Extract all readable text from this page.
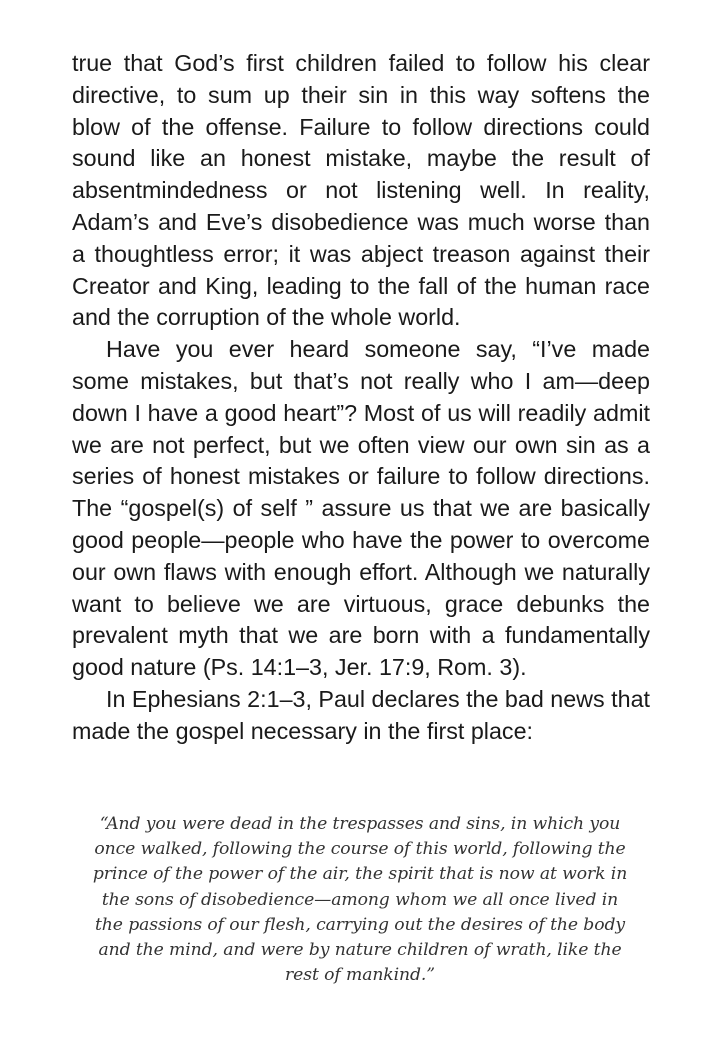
true that God’s first children failed to follow his clear directive, to sum up their sin in this way softens the blow of the offense. Failure to follow directions could sound like an honest mistake, maybe the result of absentmindedness or not listening well. In reality, Adam’s and Eve’s disobedience was much worse than a thoughtless error; it was abject treason against their Creator and King, leading to the fall of the human race and the corruption of the whole world.

Have you ever heard someone say, “I’ve made some mistakes, but that’s not really who I am—deep down I have a good heart”? Most of us will readily admit we are not perfect, but we often view our own sin as a series of honest mistakes or failure to follow directions. The “gospel(s) of self ” assure us that we are basically good people—people who have the power to overcome our own flaws with enough effort. Although we naturally want to believe we are virtuous, grace debunks the prevalent myth that we are born with a fundamentally good nature (Ps. 14:1–3, Jer. 17:9, Rom. 3).

In Ephesians 2:1–3, Paul declares the bad news that made the gospel necessary in the first place:

“And you were dead in the trespasses and sins, in which you once walked, following the course of this world, following the prince of the power of the air, the spirit that is now at work in the sons of disobedience—among whom we all once lived in the passions of our flesh, carrying out the desires of the body and the mind, and were by nature children of wrath, like the rest of mankind.”
